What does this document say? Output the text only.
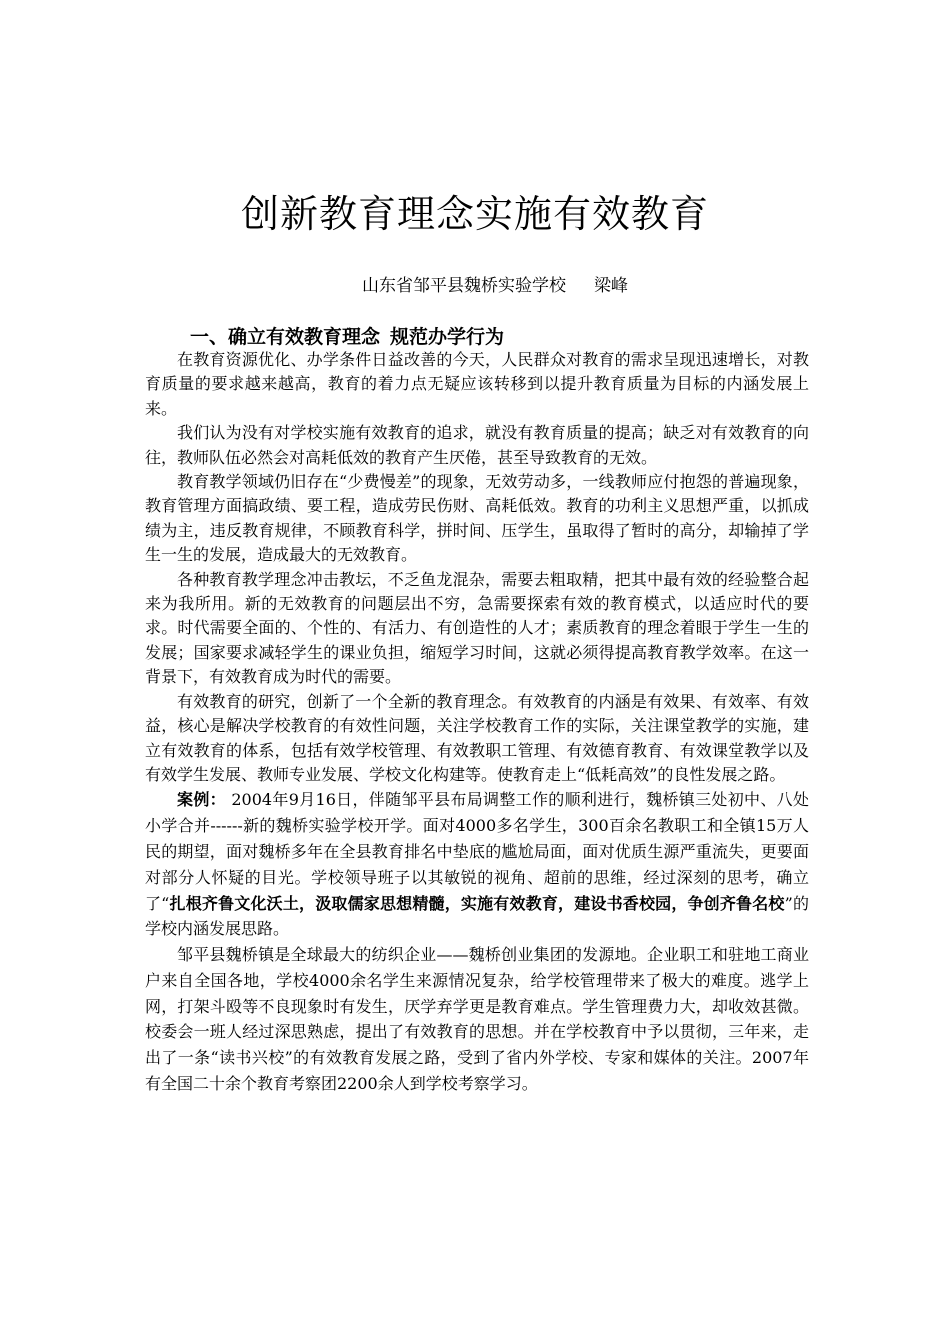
创新教育理念实施有效教育
山东省邹平县魏桥实验学校 梁峰
一、确立有效教育理念 规范办学行为

在教育资源优化、办学条件日益改善的今天，人民群众对教育的需求呈现迅速增长，对教育质量的要求越来越高，教育的着力点无疑应该转移到以提升教育质量为目标的内涵发展上来。

我们认为没有对学校实施有效教育的追求，就没有教育质量的提高；缺乏对有效教育的向往，教师队伍必然会对高耗低效的教育产生厌倦，甚至导致教育的无效。

教育教学领域仍旧存在“少费慢差”的现象，无效劳动多，一线教师应付抱怨的普遍现象，教育管理方面搞政绩、要工程，造成劳民伤财、高耗低效。教育的功利主义思想严重，以抓成绩为主，违反教育规律，不顾教育科学，拼时间、压学生，虽取得了暂时的高分，却输掉了学生一生的发展，造成最大的无效教育。

各种教育教学理念冲击教坛，不乏鱼龙混杂，需要去粗取精，把其中最有效的经验整合起来为我所用。新的无效教育的问题层出不穷，急需要探索有效的教育模式，以适应时代的要求。时代需要全面的、个性的、有活力、有创造性的人才；素质教育的理念着眼于学生一生的发展；国家要求减轻学生的课业负担，缩短学习时间，这就必须得提高教育教学效率。在这一背景下，有效教育成为时代的需要。

有效教育的研究，创新了一个全新的教育理念。有效教育的内涵是有效果、有效率、有效益，核心是解决学校教育的有效性问题，关注学校教育工作的实际，关注课堂教学的实施，建立有效教育的体系，包括有效学校管理、有效教职工管理、有效德育教育、有效课堂教学以及有效学生发展、教师专业发展、学校文化构建等。使教育走上“低耗高效”的良性发展之路。

案例： 2004年9月16日，伴随邹平县布局调整工作的顺利进行，魏桥镇三处初中、八处小学合并------新的魏桥实验学校开学。面对4000多名学生，300百余名教职工和全镇15万人民的期望，面对魏桥多年在全县教育排名中垫底的尴尬局面，面对优质生源严重流失，更要面对部分人怀疑的目光。学校领导班子以其敏锐的视角、超前的思维，经过深刻的思考，确立了“扎根齐鲁文化沃土，汲取儒家思想精髓，实施有效教育，建设书香校园，争创齐鲁名校”的学校内涵发展思路。

邹平县魏桥镇是全球最大的纺织企业——魏桥创业集团的发源地。企业职工和驻地工商业户来自全国各地，学校4000余名学生来源情况复杂，给学校管理带来了极大的难度。逃学上网，打架斗殴等不良现象时有发生，厌学弃学更是教育难点。学生管理费力大，却收效甚微。校委会一班人经过深思熟虑，提出了有效教育的思想。并在学校教育中予以贯彻，三年来，走出了一条“读书兴校”的有效教育发展之路，受到了省内外学校、专家和媒体的关注。2007年有全国二十余个教育考察团2200余人到学校考察学习。
